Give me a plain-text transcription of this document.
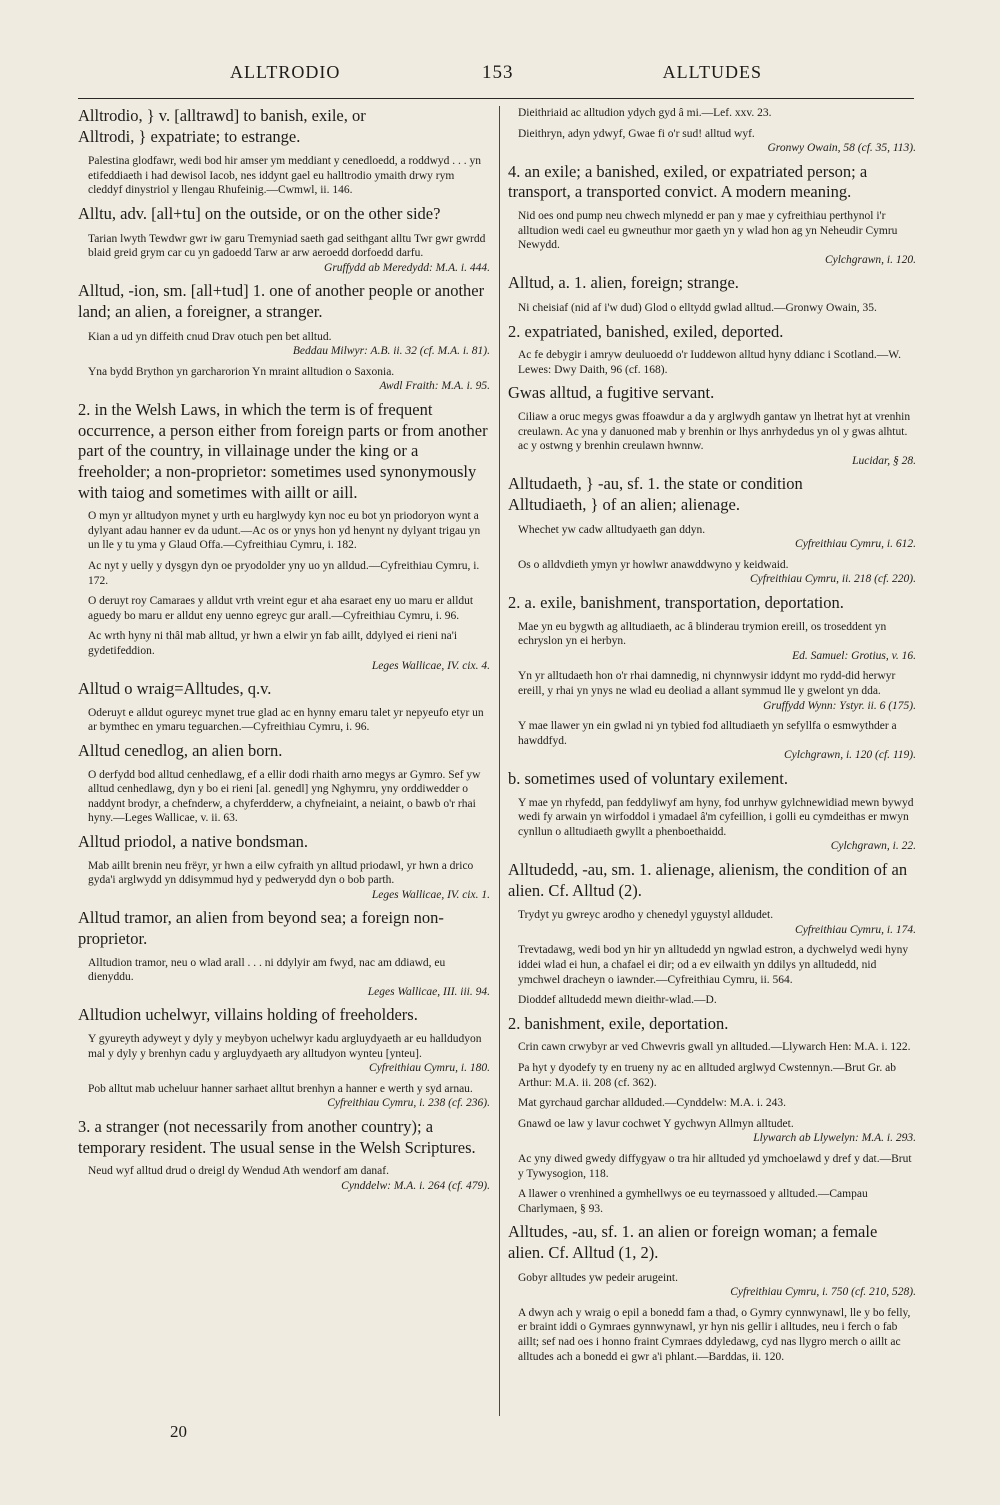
ALLTRODIO	153	ALLTUDES
Alltrodio, } v. [alltrawd] to banish, exile, or
Alltrodi, } expatriate; to estrange.
Palestina glodfawr, wedi bod hir amser ym meddiant y cenedloedd, a roddwyd . . . yn etifeddiaeth i had dewisol Iacob, nes iddynt gael eu halltrodio ymaith drwy rym cleddyf dinystriol y llengau Rhufeinig.—Cwmwl, ii. 146.
Alltu, adv. [all+tu] on the outside, or on the other side?
Tarian lwyth Tewdwr gwr iw garu Tremyniad saeth gad seithgant alltu Twr gwr gwrdd blaid greid grym car cu yn gadoedd Tarw ar arw aeroedd dorfoedd darfu.
Gruffydd ab Meredydd: M.A. i. 444.
Alltud, -ion, sm. [all+tud] 1. one of another people or another land; an alien, a foreigner, a stranger.
Kian a ud yn diffeith cnud Drav otuch pen bet alltud.
Beddau Milwyr: A.B. ii. 32 (cf. M.A. i. 81).
Yna bydd Brython yn garcharorion Yn mraint alltudion o Saxonia.
Awdl Fraith: M.A. i. 95.
2. in the Welsh Laws, in which the term is of frequent occurrence, a person either from foreign parts or from another part of the country, in villainage under the king or a freeholder; a non-proprietor: sometimes used synonymously with taiog and sometimes with aillt or aill.
O myn yr alltudyon mynet y urth eu harglwydy kyn noc eu bot yn priodoryon wynt a dylyant adau hanner ev da udunt.—Ac os or ynys hon yd henynt ny dylyant trigau yn un lle y tu yma y Glaud Offa.—Cyfreithiau Cymru, i. 182.
Ac nyt y uelly y dysgyn dyn oe pryodolder yny uo yn alldud.—Cyfreithiau Cymru, i. 172.
O deruyt roy Camaraes y alldut vrth vreint egur et aha esaraet eny uo maru er alldut aguedy bo maru er alldut eny uenno egreyc gur arall.—Cyfreithiau Cymru, i. 96.
Ac wrth hyny ni thâl mab alltud, yr hwn a elwir yn fab aillt, ddylyed ei rieni na'i gydetifeddion.
Leges Wallicae, IV. cix. 4.
Alltud o wraig=Alltudes, q.v.
Oderuyt e alldut ogureyc mynet true glad ac en hynny emaru talet yr nepyeufo etyr un ar bymthec en ymaru teguarchen.—Cyfreithiau Cymru, i. 96.
Alltud cenedlog, an alien born.
O derfydd bod alltud cenhedlawg, ef a ellir dodi rhaith arno megys ar Gymro. Sef yw alltud cenhedlawg, dyn y bo ei rieni [al. genedl] yng Nghymru, yny orddiwedder o naddynt brodyr, a chefnderw, a chyferdderw, a chyfneiaint, a neiaint, o bawb o'r rhai hyny.—Leges Wallicae, v. ii. 63.
Alltud priodol, a native bondsman.
Mab aillt brenin neu frëyr, yr hwn a eilw cyfraith yn alltud priodawl, yr hwn a drico gyda'i arglwydd yn ddisymmud hyd y pedwerydd dyn o bob parth.
Leges Wallicae, IV. cix. 1.
Alltud tramor, an alien from beyond sea; a foreign non-proprietor.
Alltudion tramor, neu o wlad arall . . . ni ddylyir am fwyd, nac am ddiawd, eu dienyddu.
Leges Wallicae, III. iii. 94.
Alltudion uchelwyr, villains holding of freeholders.
Y gyureyth adyweyt y dyly y meybyon uchelwyr kadu argluydyaeth ar eu halldudyon mal y dyly y brenhyn cadu y argluydyaeth ary alltudyon wynteu [ynteu].
Cyfreithiau Cymru, i. 180.
Pob alltut mab ucheluur hanner sarhaet alltut brenhyn a hanner e werth y syd arnau.
Cyfreithiau Cymru, i. 238 (cf. 236).
3. a stranger (not necessarily from another country); a temporary resident. The usual sense in the Welsh Scriptures.
Neud wyf alltud drud o dreigl dy Wendud Ath wendorf am danaf.
Cynddelw: M.A. i. 264 (cf. 479).
Dieithriaid ac alltudion ydych gyd â mi.—Lef. xxv. 23.
Dieithryn, adyn ydwyf, Gwae fi o'r sud! alltud wyf.
Gronwy Owain, 58 (cf. 35, 113).
4. an exile; a banished, exiled, or expatriated person; a transport, a transported convict. A modern meaning.
Nid oes ond pump neu chwech mlynedd er pan y mae y cyfreithiau perthynol i'r alltudion wedi cael eu gwneuthur mor gaeth yn y wlad hon ag yn Neheudir Cymru Newydd.
Cylchgrawn, i. 120.
Alltud, a. 1. alien, foreign; strange.
Ni cheisiaf (nid af i'w dud) Glod o elltydd gwlad alltud.—Gronwy Owain, 35.
2. expatriated, banished, exiled, deported.
Ac fe debygir i amryw deuluoedd o'r Iuddewon alltud hyny ddianc i Scotland.—W. Lewes: Dwy Daith, 96 (cf. 168).
Gwas alltud, a fugitive servant.
Ciliaw a oruc megys gwas ffoawdur a da y arglwydh gantaw yn lhetrat hyt at vrenhin creulawn. Ac yna y danuoned mab y brenhin or lhys anrhydedus yn ol y gwas alhtut. ac y ostwng y brenhin creulawn hwnnw.
Lucidar, § 28.
Alltudaeth, } -au, sf. 1. the state or condition
Alltudiaeth, } of an alien; alienage.
Whechet yw cadw alltudyaeth gan ddyn.
Cyfreithiau Cymru, i. 612.
Os o alldvdieth ymyn yr howlwr anawddwyno y keidwaid.
Cyfreithiau Cymru, ii. 218 (cf. 220).
2. a. exile, banishment, transportation, deportation.
Mae yn eu bygwth ag alltudiaeth, ac â blinderau trymion ereill, os troseddent yn echryslon yn ei herbyn.
Ed. Samuel: Grotius, v. 16.
Yn yr alltudaeth hon o'r rhai damnedig, ni chynnwysir iddynt mo rydd-did herwyr ereill, y rhai yn ynys ne wlad eu deoliad a allant symmud lle y gwelont yn dda.
Gruffydd Wynn: Ystyr. ii. 6 (175).
Y mae llawer yn ein gwlad ni yn tybied fod alltudiaeth yn sefyllfa o esmwythder a hawddfyd.
Cylchgrawn, i. 120 (cf. 119).
b. sometimes used of voluntary exilement.
Y mae yn rhyfedd, pan feddyliwyf am hyny, fod unrhyw gylchnewidiad mewn bywyd wedi fy arwain yn wirfoddol i ymadael â'm cyfeillion, i golli eu cymdeithas er mwyn cynllun o alltudiaeth gwyllt a phenboethaidd.
Cylchgrawn, i. 22.
Alltudedd, -au, sm. 1. alienage, alienism, the condition of an alien. Cf. Alltud (2).
Trydyt yu gwreyc arodho y chenedyl yguystyl alldudet.
Cyfreithiau Cymru, i. 174.
Trevtadawg, wedi bod yn hir yn alltudedd yn ngwlad estron, a dychwelyd wedi hyny iddei wlad ei hun, a chafael ei dir; od a ev eilwaith yn ddilys yn alltudedd, nid ymchwel dracheyn o iawnder.—Cyfreithiau Cymru, ii. 564.
Dioddef alltudedd mewn dieithr-wlad.—D.
2. banishment, exile, deportation.
Crin cawn crwybyr ar ved Chwevris gwall yn alltuded.—Llywarch Hen: M.A. i. 122.
Pa hyt y dyodefy ty en trueny ny ac en alltuded arglwyd Cwstennyn.—Brut Gr. ab Arthur: M.A. ii. 208 (cf. 362).
Mat gyrchaud garchar allduded.—Cynddelw: M.A. i. 243.
Gnawd oe law y lavur cochwet Y gychwyn Allmyn alltudet.
Llywarch ab Llywelyn: M.A. i. 293.
Ac yny diwed gwedy diffygyaw o tra hir alltuded yd ymchoelawd y dref y dat.—Brut y Tywysogion, 118.
A llawer o vrenhined a gymhellwys oe eu teyrnassoed y alltuded.—Campau Charlymaen, § 93.
Alltudes, -au, sf. 1. an alien or foreign woman; a female alien. Cf. Alltud (1, 2).
Gobyr alltudes yw pedeir arugeint.
Cyfreithiau Cymru, i. 750 (cf. 210, 528).
A dwyn ach y wraig o epil a bonedd fam a thad, o Gymry cynnwynawl, lle y bo felly, er braint iddi o Gymraes gynnwynawl, yr hyn nis gellir i alltudes, neu i ferch o fab aillt; sef nad oes i honno fraint Cymraes ddyledawg, cyd nas llygro merch o aillt ac alltudes ach a bonedd ei gwr a'i phlant.—Barddas, ii. 120.
20
